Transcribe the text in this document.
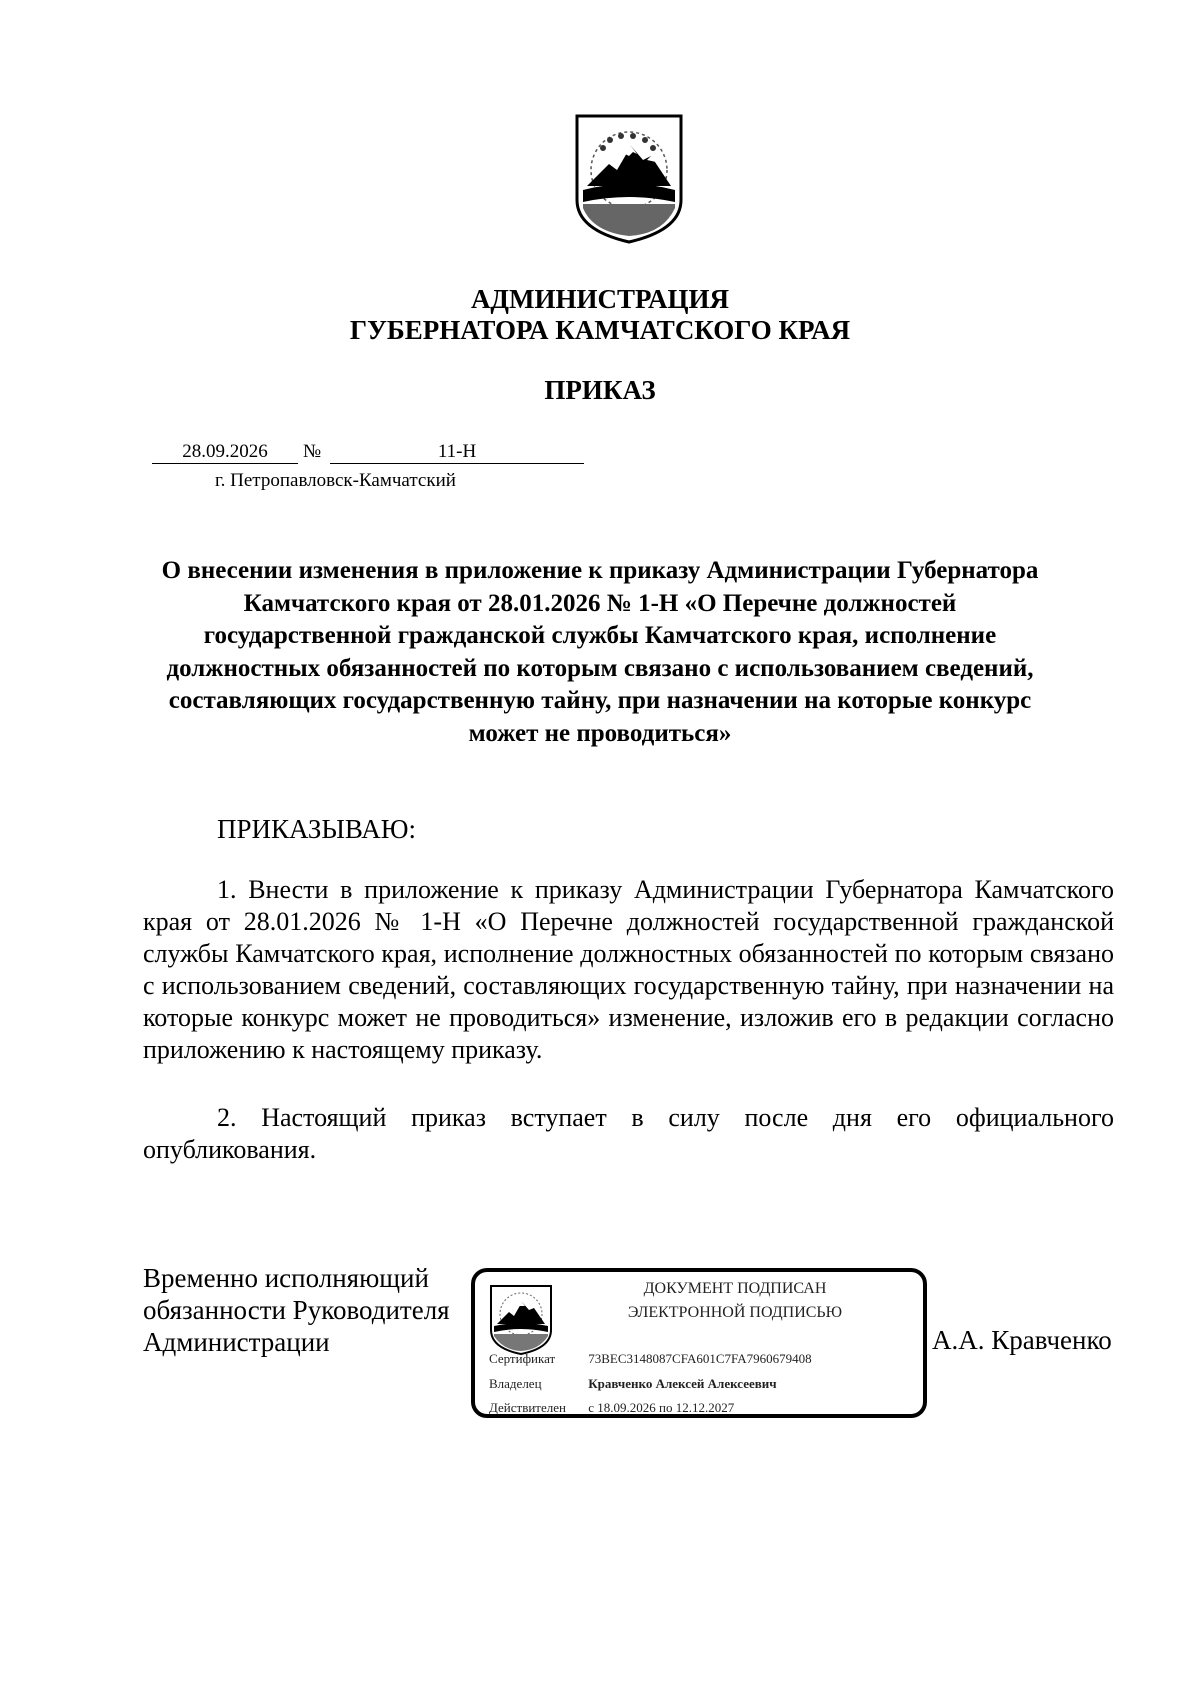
АДМИНИСТРАЦИЯ
ГУБЕРНАТОРА КАМЧАТСКОГО КРАЯ
ПРИКАЗ
28.09.2026	№	11-Н
г. Петропавловск-Камчатский
О внесении изменения в приложение к приказу Администрации Губернатора Камчатского края от 28.01.2026 № 1-Н «О Перечне должностей государственной гражданской службы Камчатского края, исполнение должностных обязанностей по которым связано с использованием сведений, составляющих государственную тайну, при назначении на которые конкурс может не проводиться»
ПРИКАЗЫВАЮ:
1. Внести в приложение к приказу Администрации Губернатора Камчатского края от 28.01.2026 № 1-Н «О Перечне должностей государственной гражданской службы Камчатского края, исполнение должностных обязанностей по которым связано с использованием сведений, составляющих государственную тайну, при назначении на которые конкурс может не проводиться» изменение, изложив его в редакции согласно приложению к настоящему приказу.
2. Настоящий приказ вступает в силу после дня его официального опубликования.
Временно исполняющий
обязанности Руководителя
Администрации
ДОКУМЕНТ ПОДПИСАН
ЭЛЕКТРОННОЙ ПОДПИСЬЮ
Сертификат	73BEC3148087CFA601C7FA7960679408
Владелец	Кравченко Алексей Алексеевич
Действителен с 18.09.2026 по 12.12.2027
А.А. Кравченко
